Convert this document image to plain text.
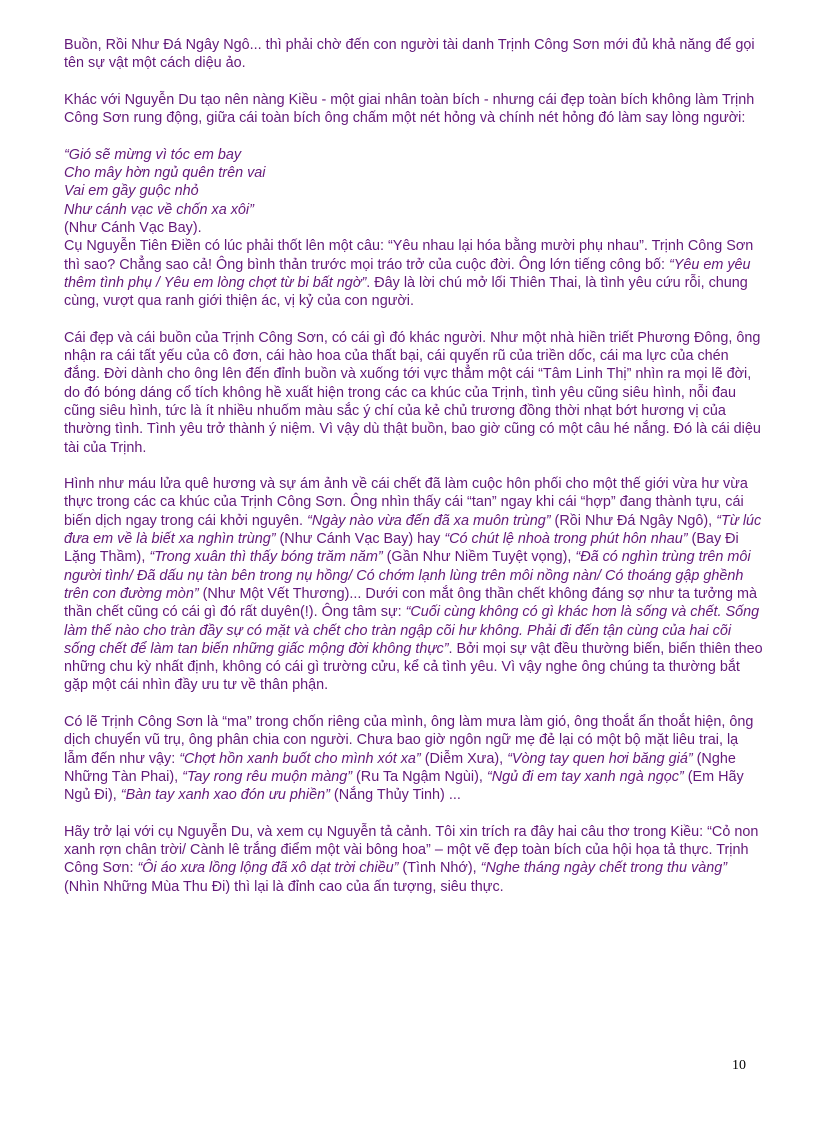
Buồn, Rồi Như Đá Ngây Ngô... thì phải chờ đến con người tài danh Trịnh Công Sơn mới đủ khả năng để gọi tên sự vật một cách diệu ảo.

Khác với Nguyễn Du tạo nên nàng Kiều - một giai nhân toàn bích - nhưng cái đẹp toàn bích không làm Trịnh Công Sơn rung động, giữa cái toàn bích ông chấm một nét hỏng và chính nét hỏng đó làm say lòng người:

“Gió sẽ mừng vì tóc em bay
Cho mây hờn ngủ quên trên vai
Vai em gầy guộc nhỏ
Như cánh vạc về chốn xa xôi”
(Như Cánh Vạc Bay).
Cụ Nguyễn Tiên Điền có lúc phải thốt lên một câu: “Yêu nhau lại hóa bằng mười phụ nhau”. Trịnh Công Sơn thì sao? Chẳng sao cả! Ông bình thản trước mọi tráo trở của cuộc đời. Ông lớn tiếng công bố: “Yêu em yêu thêm tình phụ / Yêu em lòng chợt từ bi bất ngờ”. Đây là lời chú mở lối Thiên Thai, là tình yêu cứu rỗi, chung cùng, vượt qua ranh giới thiện ác, vị kỷ của con người.

Cái đẹp và cái buồn của Trịnh Công Sơn, có cái gì đó khác người. Như một nhà hiền triết Phương Đông, ông nhận ra cái tất yếu của cô đơn, cái hào hoa của thất bại, cái quyến rũ của triền dốc, cái ma lực của chén đắng. Đời dành cho ông lên đến đỉnh buồn và xuống tới vực thẳm một cái “Tâm Linh Thị” nhìn ra mọi lẽ đời, do đó bóng dáng cổ tích không hề xuất hiện trong các ca khúc của Trịnh, tình yêu cũng siêu hình, nỗi đau cũng siêu hình, tức là ít nhiều nhuốm màu sắc ý chí của kẻ chủ trương đồng thời nhạt bớt hương vị của thường tình. Tình yêu trở thành ý niệm. Vì vậy dù thật buồn, bao giờ cũng có một câu hé nắng. Đó là cái diệu tài của Trịnh.

Hình như máu lửa quê hương và sự ám ảnh về cái chết đã làm cuộc hôn phối cho một thế giới vừa hư vừa thực trong các ca khúc của Trịnh Công Sơn. Ông nhìn thấy cái “tan” ngay khi cái “hợp” đang thành tựu, cái biến dịch ngay trong cái khởi nguyên. “Ngày nào vừa đến đã xa muôn trùng” (Rồi Như Đá Ngây Ngô), “Từ lúc đưa em về là biết xa nghìn trùng” (Như Cánh Vạc Bay) hay “Có chút lệ nhoà trong phút hôn nhau” (Bay Đi Lặng Thầm), “Trong xuân thì thấy bóng trăm năm” (Gần Như Niềm Tuyệt vọng), “Đã có nghìn trùng trên môi người tình/ Đã dấu nụ tàn bên trong nụ hồng/ Có chớm lạnh lùng trên môi nồng nàn/ Có thoáng gập ghềnh trên con đường mòn” (Như Một Vết Thương)... Dưới con mắt ông thần chết không đáng sợ như ta tưởng mà thần chết cũng có cái gì đó rất duyên(!). Ông tâm sự: “Cuối cùng không có gì khác hơn là sống và chết. Sống làm thế nào cho tràn đầy sự có mặt và chết cho tràn ngập cõi hư không. Phải đi đến tận cùng của hai cõi sống chết để làm tan biến những giấc mộng đời không thực”. Bởi mọi sự vật đều thường biến, biến thiên theo những chu kỳ nhất định, không có cái gì trường cửu, kể cả tình yêu. Vì vậy nghe ông chúng ta thường bắt gặp một cái nhìn đầy ưu tư về thân phận.

Có lẽ Trịnh Công Sơn là “ma” trong chốn riêng của mình, ông làm mưa làm gió, ông thoắt ẩn thoắt hiện, ông dịch chuyển vũ trụ, ông phân chia con người. Chưa bao giờ ngôn ngữ mẹ đẻ lại có một bộ mặt liêu trai, lạ lẫm đến như vậy: “Chợt hồn xanh buốt cho mình xót xa” (Diễm Xưa), “Vòng tay quen hơi băng giá” (Nghe Những Tàn Phai), “Tay rong rêu muộn màng” (Ru Ta Ngậm Ngùi), “Ngủ đi em tay xanh ngà ngọc” (Em Hãy Ngủ Đi), “Bàn tay xanh xao đón ưu phiền” (Nắng Thủy Tinh) ...

Hãy trở lại với cụ Nguyễn Du, và xem cụ Nguyễn tả cảnh. Tôi xin trích ra đây hai câu thơ trong Kiều: “Cỏ non xanh rợn chân trời/ Cành lê trắng điểm một vài bông hoa” – một vẽ đẹp toàn bích của hội họa tả thực. Trịnh Công Sơn: “Ôi áo xưa lồng lộng đã xô dạt trời chiều” (Tình Nhớ), “Nghe tháng ngày chết trong thu vàng” (Nhìn Những Mùa Thu Đi) thì lại là đỉnh cao của ấn tượng, siêu thực.

10
